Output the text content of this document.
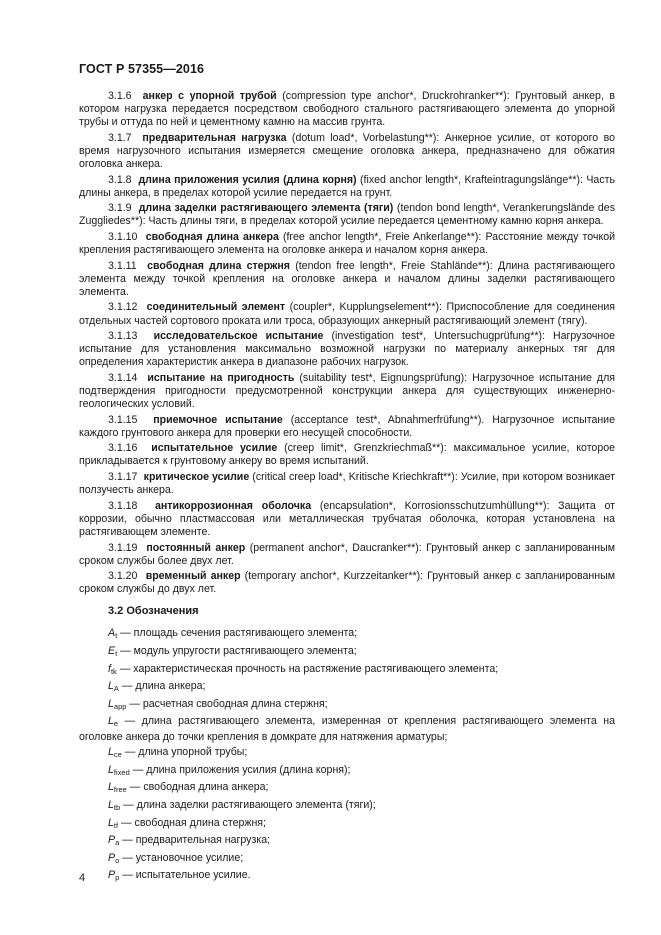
ГОСТ Р 57355—2016

3.1.6 анкер с упорной трубой (compression type anchor*, Druckrohranker**): Грунтовый анкер, в котором нагрузка передается посредством свободного стального растягивающего элемента до упорной трубы и оттуда по ней и цементному камню на массив грунта.

3.1.7 предварительная нагрузка (dotum load*, Vorbelastung**): Анкерное усилие, от которого во время нагрузочного испытания измеряется смещение оголовка анкера, предназначено для обжатия оголовка анкера.

3.1.8 длина приложения усилия (длина корня) (fixed anchor length*, Krafteintragungslänge**): Часть длины анкера, в пределах которой усилие передается на грунт.

3.1.9 длина заделки растягивающего элемента (тяги) (tendon bond length*, Verankerungslände des Zuggliedes**): Часть длины тяги, в пределах которой усилие передается цементному камню корня анкера.

3.1.10 свободная длина анкера (free anchor length*, Freie Ankerlange**): Расстояние между точкой крепления растягивающего элемента на оголовке анкера и началом корня анкера.

3.1.11 свободная длина стержня (tendon free length*, Freie Stahlände**): Длина растягивающего элемента между точкой крепления на оголовке анкера и началом длины заделки растягивающего элемента.

3.1.12 соединительный элемент (coupler*, Kupplungselement**): Приспособление для соединения отдельных частей сортового проката или троса, образующих анкерный растягивающий элемент (тягу).

3.1.13 исследовательское испытание (investigation test*, Untersuchugprüfung**): Нагрузочное испытание для установления максимально возможной нагрузки по материалу анкерных тяг для определения характеристик анкера в диапазоне рабочих нагрузок.

3.1.14 испытание на пригодность (suitability test*, Eignungsprüfung): Нагрузочное испытание для подтверждения пригодности предусмотренной конструкции анкера для существующих инженерно-геологических условий.

3.1.15 приемочное испытание (acceptance test*, Abnahmerfrüfung**). Нагрузочное испытание каждого грунтового анкера для проверки его несущей способности.

3.1.16 испытательное усилие (creep limit*, Grenzkriechmaß**): максимальное усилие, которое прикладывается к грунтовому анкеру во время испытаний.

3.1.17 критическое усилие (critical creep load*, Kritische Kriechkraft**): Усилие, при котором возникает ползучесть анкера.

3.1.18 антикоррозионная оболочка (encapsulation*, Korrosionsschutzumhüllung**): Защита от коррозии, обычно пластмассовая или металлическая трубчатая оболочка, которая установлена на растягивающем элементе.

3.1.19 постоянный анкер (permanent anchor*, Daucranker**): Грунтовый анкер с запланированным сроком службы более двух лет.

3.1.20 временный анкер (temporary anchor*, Kurzzeitanker**): Грунтовый анкер с запланированным сроком службы до двух лет.

3.2 Обозначения

$A_t$ — площадь сечения растягивающего элемента;

$E_t$ — модуль упругости растягивающего элемента;

$f_{tk}$ — характеристическая прочность на растяжение растягивающего элемента;

$L_A$ — длина анкера;

$L_{app}$ — расчетная свободная длина стержня;

$L_e$ — длина растягивающего элемента, измеренная от крепления растягивающего элемента на оголовке анкера до точки крепления в домкрате для натяжения арматуры;

$L_{ce}$ — длина упорной трубы;

$L_{fixed}$ — длина приложения усилия (длина корня);

$L_{free}$ — свободная длина анкера;

$L_{tb}$ — длина заделки растягивающего элемента (тяги);

$L_{tf}$ — свободная длина стержня;

$P_a$ — предварительная нагрузка;

$P_o$ — установочное усилие;

$P_p$ — испытательное усилие.

4
